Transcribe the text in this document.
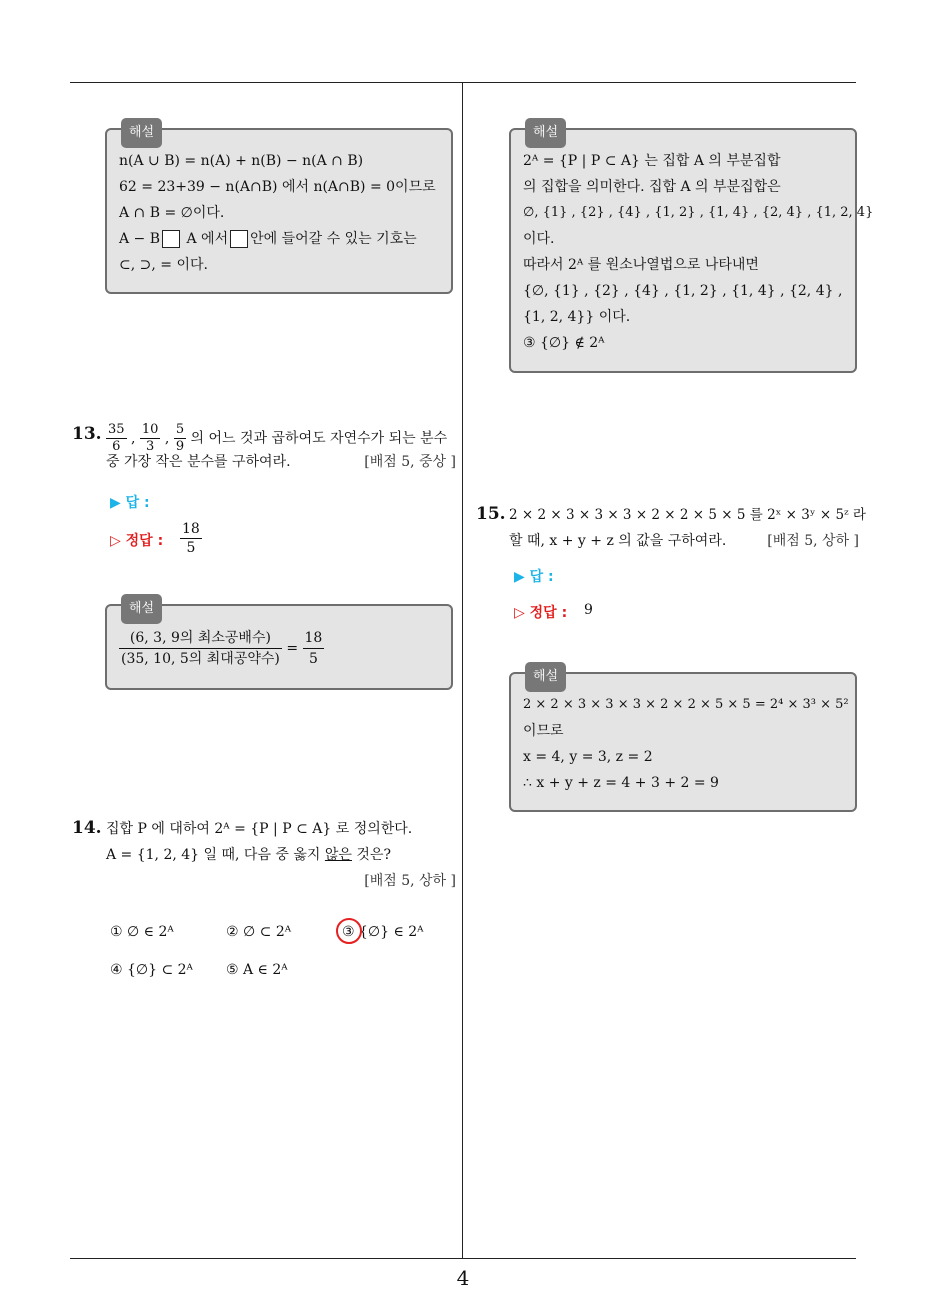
해설
n(A ∪ B) = n(A) + n(B) − n(A ∩ B)
62 = 23+39 − n(A∩B) 에서 n(A∩B) = 0이므로
A ∩ B = ∅이다.
A − B A 에서 안에 들어갈 수 있는 기호는
⊂, ⊃, = 이다.
13. $\frac{35}{6}$ , $\frac{10}{3}$ , $\frac{5}{9}$ 의 어느 것과 곱하여도 자연수가 되는 분수
중 가장 작은 분수를 구하여라.	[배점 5, 중상 ]
▶ 답 :
▷ 정답 : $\frac{18}{5}$
해설
$\frac{\text{(6, 3, 9의 최소공배수)}}{\text{(35, 10, 5의 최대공약수)}} = \frac{18}{5}$
14. 집합 P 에 대하여 2ᴬ = {P | P ⊂ A} 로 정의한다.
A = {1, 2, 4} 일 때, 다음 중 옳지 않은 것은?
[배점 5, 상하 ]
① ∅ ∈ 2ᴬ	② ∅ ⊂ 2ᴬ	③ {∅} ∈ 2ᴬ
④ {∅} ⊂ 2ᴬ ⑤ A ∈ 2ᴬ
해설
2ᴬ = {P | P ⊂ A} 는 집합 A 의 부분집합
의 집합을 의미한다. 집합 A 의 부분집합은
∅, {1} , {2} , {4} , {1, 2} , {1, 4} , {2, 4} , {1, 2, 4}
이다.
따라서 2ᴬ 를 원소나열법으로 나타내면
{∅, {1} , {2} , {4} , {1, 2} , {1, 4} , {2, 4} ,
{1, 2, 4}} 이다.
③ {∅} ∉ 2ᴬ
15. 2 × 2 × 3 × 3 × 3 × 2 × 2 × 5 × 5 를 2ˣ × 3ʸ × 5ᶻ 라
할 때, x + y + z 의 값을 구하여라.	[배점 5, 상하 ]
▶ 답 :
▷ 정답 : 9
해설
2 × 2 × 3 × 3 × 3 × 2 × 2 × 5 × 5 = 2⁴ × 3³ × 5²
이므로
x = 4, y = 3, z = 2
∴ x + y + z = 4 + 3 + 2 = 9
4
